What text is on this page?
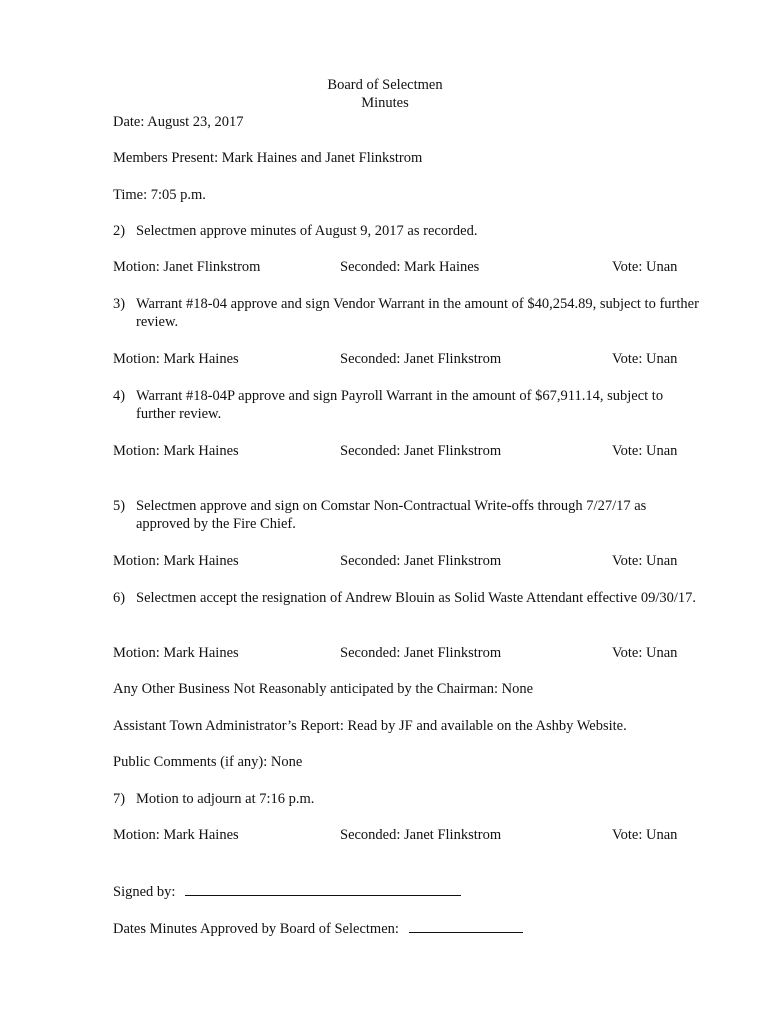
Board of Selectmen
Minutes
Date: August 23, 2017
Members Present: Mark Haines and Janet Flinkstrom
Time: 7:05 p.m.
2) Selectmen approve minutes of August 9, 2017 as recorded.
Motion: Janet Flinkstrom	Seconded: Mark Haines	Vote: Unan
3) Warrant #18-04 approve and sign Vendor Warrant in the amount of $40,254.89, subject to further review.
Motion: Mark Haines	Seconded: Janet Flinkstrom	Vote: Unan
4) Warrant #18-04P approve and sign Payroll Warrant in the amount of $67,911.14, subject to further review.
Motion: Mark Haines	Seconded: Janet Flinkstrom	Vote: Unan
5) Selectmen approve and sign on Comstar Non-Contractual Write-offs through 7/27/17 as approved by the Fire Chief.
Motion: Mark Haines	Seconded: Janet Flinkstrom	Vote: Unan
6) Selectmen accept the resignation of Andrew Blouin as Solid Waste Attendant effective 09/30/17.
Motion: Mark Haines	Seconded: Janet Flinkstrom	Vote: Unan
Any Other Business Not Reasonably anticipated by the Chairman: None
Assistant Town Administrator’s Report: Read by JF and available on the Ashby Website.
Public Comments (if any): None
7) Motion to adjourn at 7:16 p.m.
Motion: Mark Haines	Seconded: Janet Flinkstrom	Vote: Unan
Signed by:
Dates Minutes Approved by Board of Selectmen:
